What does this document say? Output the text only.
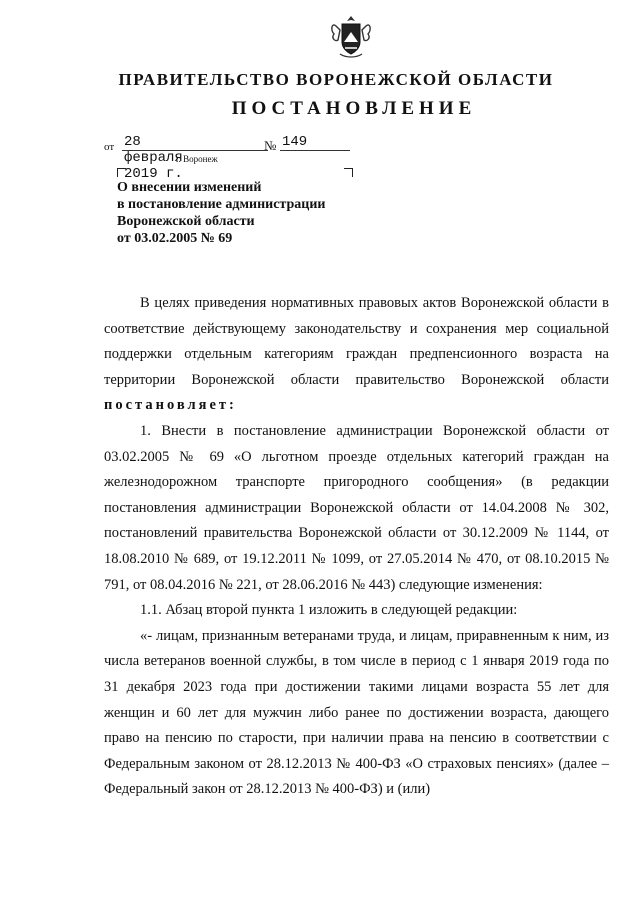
ПРАВИТЕЛЬСТВО ВОРОНЕЖСКОЙ ОБЛАСТИ
ПОСТАНОВЛЕНИЕ
от 28 февраля 2019 г.
№ 149
г. Воронеж
О внесении изменений
в постановление администрации
Воронежской области
от 03.02.2005 № 69

В целях приведения нормативных правовых актов Воронежской области в соответствие действующему законодательству и сохранения мер социальной поддержки отдельным категориям граждан предпенсионного возраста на территории Воронежской области правительство Воронежской области постановляет:

1. Внести в постановление администрации Воронежской области от 03.02.2005 № 69 «О льготном проезде отдельных категорий граждан на железнодорожном транспорте пригородного сообщения» (в редакции постановления администрации Воронежской области от 14.04.2008 № 302, постановлений правительства Воронежской области от 30.12.2009 № 1144, от 18.08.2010 № 689, от 19.12.2011 № 1099, от 27.05.2014 № 470, от 08.10.2015 № 791, от 08.04.2016 № 221, от 28.06.2016 № 443) следующие изменения:

1.1. Абзац второй пункта 1 изложить в следующей редакции:

«- лицам, признанным ветеранами труда, и лицам, приравненным к ним, из числа ветеранов военной службы, в том числе в период с 1 января 2019 года по 31 декабря 2023 года при достижении такими лицами возраста 55 лет для женщин и 60 лет для мужчин либо ранее по достижении возраста, дающего право на пенсию по старости, при наличии права на пенсию в соответствии с Федеральным законом от 28.12.2013 № 400-ФЗ «О страховых пенсиях» (далее – Федеральный закон от 28.12.2013 № 400-ФЗ) и (или)
